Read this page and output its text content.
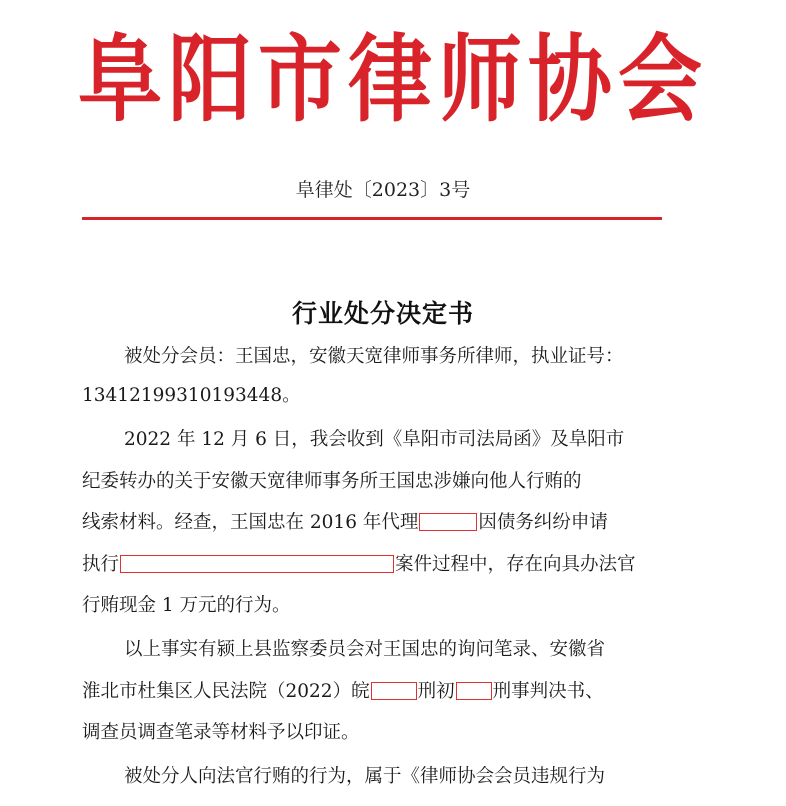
阜阳市律师协会
阜律处〔2023〕3号
行业处分决定书
被处分会员：王国忠，安徽天宽律师事务所律师，执业证号：
13412199310193448。
2022 年 12 月 6 日，我会收到《阜阳市司法局函》及阜阳市
纪委转办的关于安徽天宽律师事务所王国忠涉嫌向他人行贿的
线索材料。经查，王国忠在 2016 年代理	因债务纠纷申请
执行	案件过程中，存在向具办法官
行贿现金 1 万元的行为。
以上事实有颍上县监察委员会对王国忠的询问笔录、安徽省
淮北市杜集区人民法院（2022）皖	刑初 刑事判决书、
调查员调查笔录等材料予以印证。
被处分人向法官行贿的行为，属于《律师协会会员违规行为
